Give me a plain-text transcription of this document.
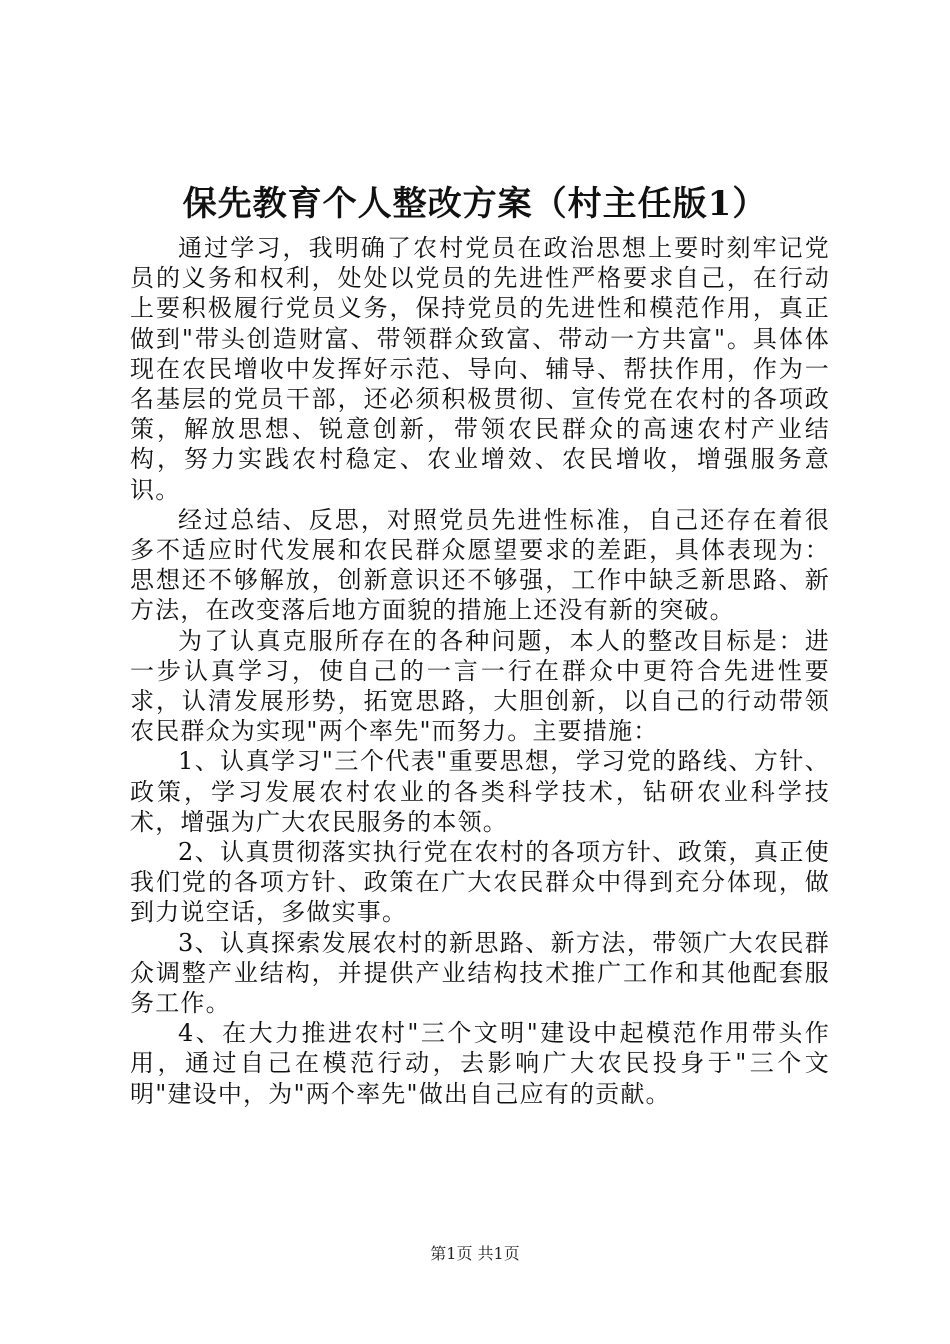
保先教育个人整改方案（村主任版1）

通过学习，我明确了农村党员在政治思想上要时刻牢记党员的义务和权利，处处以党员的先进性严格要求自己，在行动上要积极履行党员义务，保持党员的先进性和模范作用，真正做到"带头创造财富、带领群众致富、带动一方共富"。具体体现在农民增收中发挥好示范、导向、辅导、帮扶作用，作为一名基层的党员干部，还必须积极贯彻、宣传党在农村的各项政策，解放思想、锐意创新，带领农民群众的高速农村产业结构，努力实践农村稳定、农业增效、农民增收，增强服务意识。

经过总结、反思，对照党员先进性标准，自己还存在着很多不适应时代发展和农民群众愿望要求的差距，具体表现为：思想还不够解放，创新意识还不够强，工作中缺乏新思路、新方法，在改变落后地方面貌的措施上还没有新的突破。

为了认真克服所存在的各种问题，本人的整改目标是：进一步认真学习，使自己的一言一行在群众中更符合先进性要求，认清发展形势，拓宽思路，大胆创新，以自己的行动带领农民群众为实现"两个率先"而努力。主要措施：

1、认真学习"三个代表"重要思想，学习党的路线、方针、政策，学习发展农村农业的各类科学技术，钻研农业科学技术，增强为广大农民服务的本领。

2、认真贯彻落实执行党在农村的各项方针、政策，真正使我们党的各项方针、政策在广大农民群众中得到充分体现，做到力说空话，多做实事。

3、认真探索发展农村的新思路、新方法，带领广大农民群众调整产业结构，并提供产业结构技术推广工作和其他配套服务工作。

4、在大力推进农村"三个文明"建设中起模范作用带头作用，通过自己在模范行动，去影响广大农民投身于"三个文明"建设中，为"两个率先"做出自己应有的贡献。

第1页 共1页
